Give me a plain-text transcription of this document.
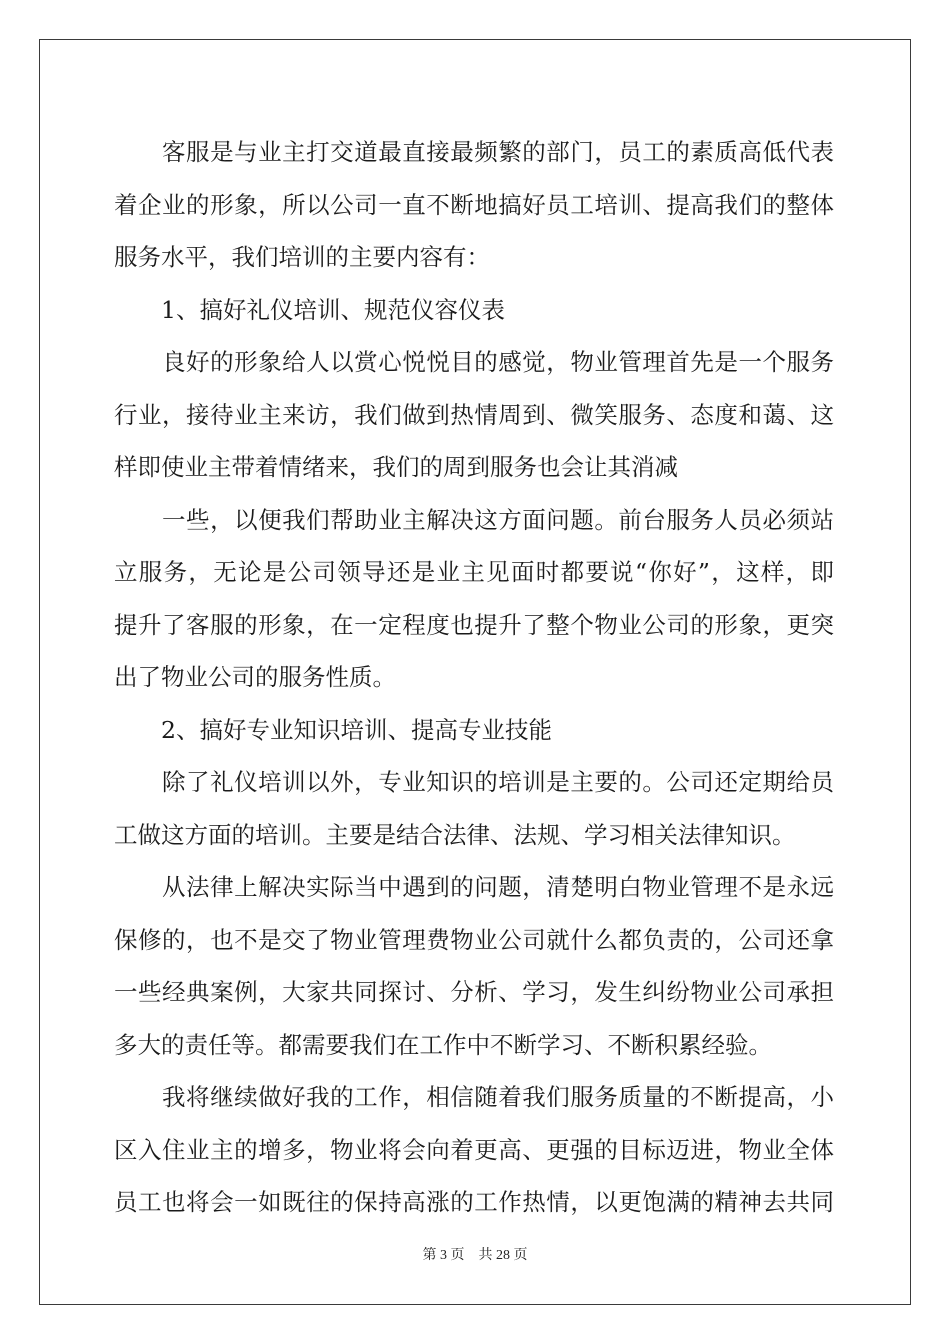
　　客服是与业主打交道最直接最频繁的部门，员工的素质高低代表
着企业的形象，所以公司一直不断地搞好员工培训、提高我们的整体
服务水平，我们培训的主要内容有：
　　1、搞好礼仪培训、规范仪容仪表
　　良好的形象给人以赏心悦悦目的感觉，物业管理首先是一个服务
行业，接待业主来访，我们做到热情周到、微笑服务、态度和蔼、这
样即使业主带着情绪来，我们的周到服务也会让其消减
　　一些，以便我们帮助业主解决这方面问题。前台服务人员必须站
立服务，无论是公司领导还是业主见面时都要说“你好”，这样，即
提升了客服的形象，在一定程度也提升了整个物业公司的形象，更突
出了物业公司的服务性质。
　　2、搞好专业知识培训、提高专业技能
　　除了礼仪培训以外，专业知识的培训是主要的。公司还定期给员
工做这方面的培训。主要是结合法律、法规、学习相关法律知识。
　　从法律上解决实际当中遇到的问题，清楚明白物业管理不是永远
保修的，也不是交了物业管理费物业公司就什么都负责的，公司还拿
一些经典案例，大家共同探讨、分析、学习，发生纠纷物业公司承担
多大的责任等。都需要我们在工作中不断学习、不断积累经验。
　　我将继续做好我的工作，相信随着我们服务质量的不断提高，小
区入住业主的增多，物业将会向着更高、更强的目标迈进，物业全体
员工也将会一如既往的保持高涨的工作热情，以更饱满的精神去共同
第 3 页　共 28 页
